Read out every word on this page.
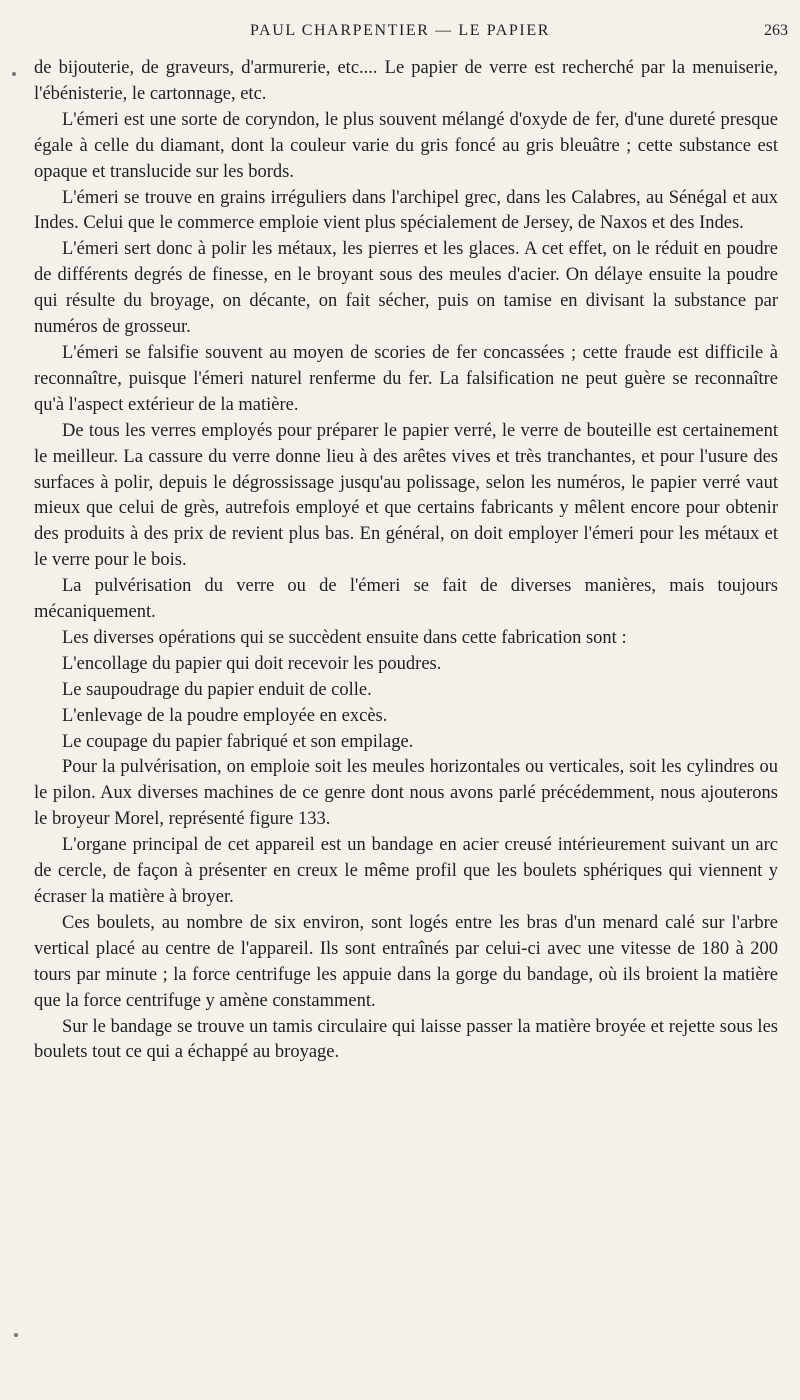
PAUL CHARPENTIER — LE PAPIER	263

de bijouterie, de graveurs, d'armurerie, etc.... Le papier de verre est recherché par la menuiserie, l'ébénisterie, le cartonnage, etc.

L'émeri est une sorte de coryndon, le plus souvent mélangé d'oxyde de fer, d'une dureté presque égale à celle du diamant, dont la couleur varie du gris foncé au gris bleuâtre ; cette substance est opaque et translucide sur les bords.

L'émeri se trouve en grains irréguliers dans l'archipel grec, dans les Calabres, au Sénégal et aux Indes. Celui que le commerce emploie vient plus spécialement de Jersey, de Naxos et des Indes.

L'émeri sert donc à polir les métaux, les pierres et les glaces. A cet effet, on le réduit en poudre de différents degrés de finesse, en le broyant sous des meules d'acier. On délaye ensuite la poudre qui résulte du broyage, on décante, on fait sécher, puis on tamise en divisant la substance par numéros de grosseur.

L'émeri se falsifie souvent au moyen de scories de fer concassées ; cette fraude est difficile à reconnaître, puisque l'émeri naturel renferme du fer. La falsification ne peut guère se reconnaître qu'à l'aspect extérieur de la matière.

De tous les verres employés pour préparer le papier verré, le verre de bouteille est certainement le meilleur. La cassure du verre donne lieu à des arêtes vives et très tranchantes, et pour l'usure des surfaces à polir, depuis le dégrossissage jusqu'au polissage, selon les numéros, le papier verré vaut mieux que celui de grès, autrefois employé et que certains fabricants y mêlent encore pour obtenir des produits à des prix de revient plus bas. En général, on doit employer l'émeri pour les métaux et le verre pour le bois.

La pulvérisation du verre ou de l'émeri se fait de diverses manières, mais toujours mécaniquement.

Les diverses opérations qui se succèdent ensuite dans cette fabrication sont :

L'encollage du papier qui doit recevoir les poudres.

Le saupoudrage du papier enduit de colle.

L'enlevage de la poudre employée en excès.

Le coupage du papier fabriqué et son empilage.

Pour la pulvérisation, on emploie soit les meules horizontales ou verticales, soit les cylindres ou le pilon. Aux diverses machines de ce genre dont nous avons parlé précédemment, nous ajouterons le broyeur Morel, représenté figure 133.

L'organe principal de cet appareil est un bandage en acier creusé intérieurement suivant un arc de cercle, de façon à présenter en creux le même profil que les boulets sphériques qui viennent y écraser la matière à broyer.

Ces boulets, au nombre de six environ, sont logés entre les bras d'un menard calé sur l'arbre vertical placé au centre de l'appareil. Ils sont entraînés par celui-ci avec une vitesse de 180 à 200 tours par minute ; la force centrifuge les appuie dans la gorge du bandage, où ils broient la matière que la force centrifuge y amène constamment.

Sur le bandage se trouve un tamis circulaire qui laisse passer la matière broyée et rejette sous les boulets tout ce qui a échappé au broyage.
